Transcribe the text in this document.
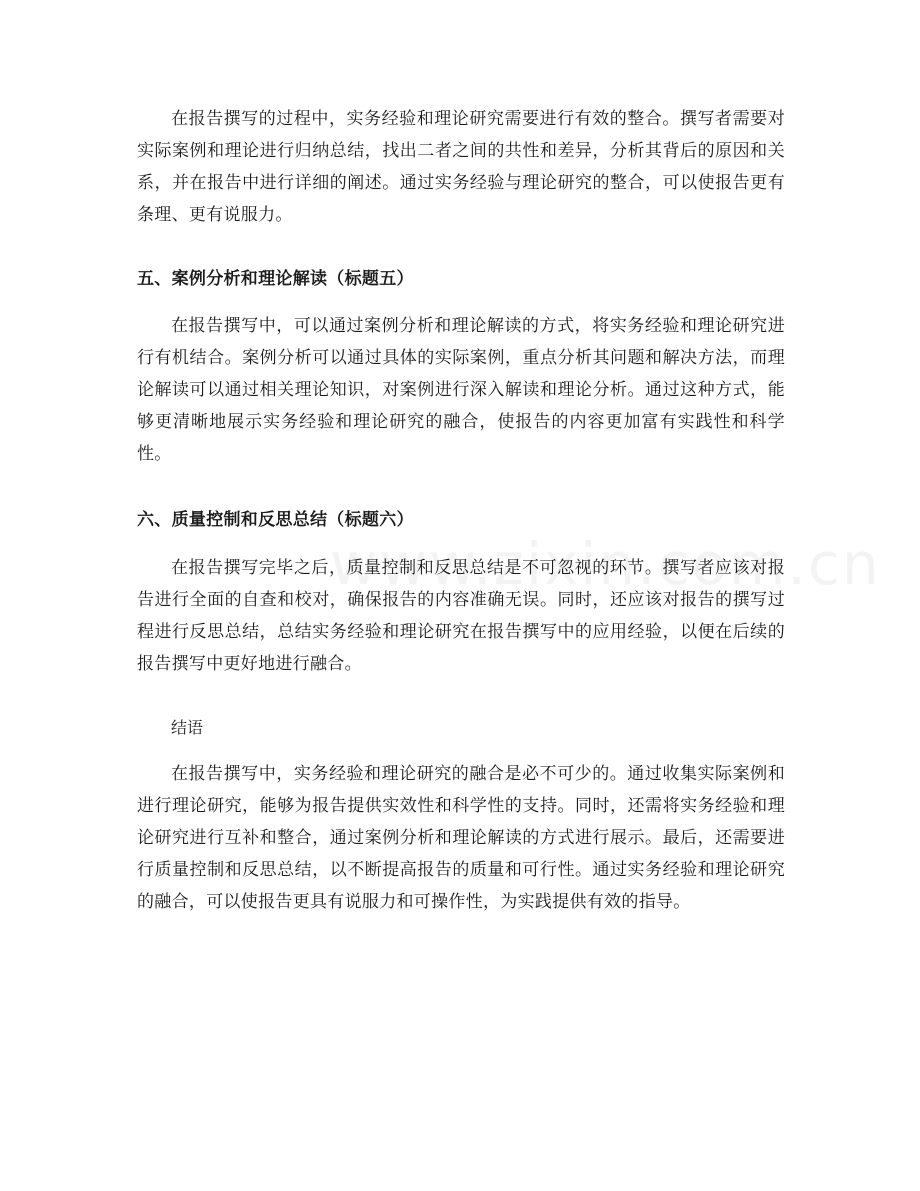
在报告撰写的过程中，实务经验和理论研究需要进行有效的整合。撰写者需要对实际案例和理论进行归纳总结，找出二者之间的共性和差异，分析其背后的原因和关系，并在报告中进行详细的阐述。通过实务经验与理论研究的整合，可以使报告更有条理、更有说服力。

五、案例分析和理论解读（标题五）

在报告撰写中，可以通过案例分析和理论解读的方式，将实务经验和理论研究进行有机结合。案例分析可以通过具体的实际案例，重点分析其问题和解决方法，而理论解读可以通过相关理论知识，对案例进行深入解读和理论分析。通过这种方式，能够更清晰地展示实务经验和理论研究的融合，使报告的内容更加富有实践性和科学性。

六、质量控制和反思总结（标题六）

在报告撰写完毕之后，质量控制和反思总结是不可忽视的环节。撰写者应该对报告进行全面的自查和校对，确保报告的内容准确无误。同时，还应该对报告的撰写过程进行反思总结，总结实务经验和理论研究在报告撰写中的应用经验，以便在后续的报告撰写中更好地进行融合。

结语

在报告撰写中，实务经验和理论研究的融合是必不可少的。通过收集实际案例和进行理论研究，能够为报告提供实效性和科学性的支持。同时，还需将实务经验和理论研究进行互补和整合，通过案例分析和理论解读的方式进行展示。最后，还需要进行质量控制和反思总结，以不断提高报告的质量和可行性。通过实务经验和理论研究的融合，可以使报告更具有说服力和可操作性，为实践提供有效的指导。
